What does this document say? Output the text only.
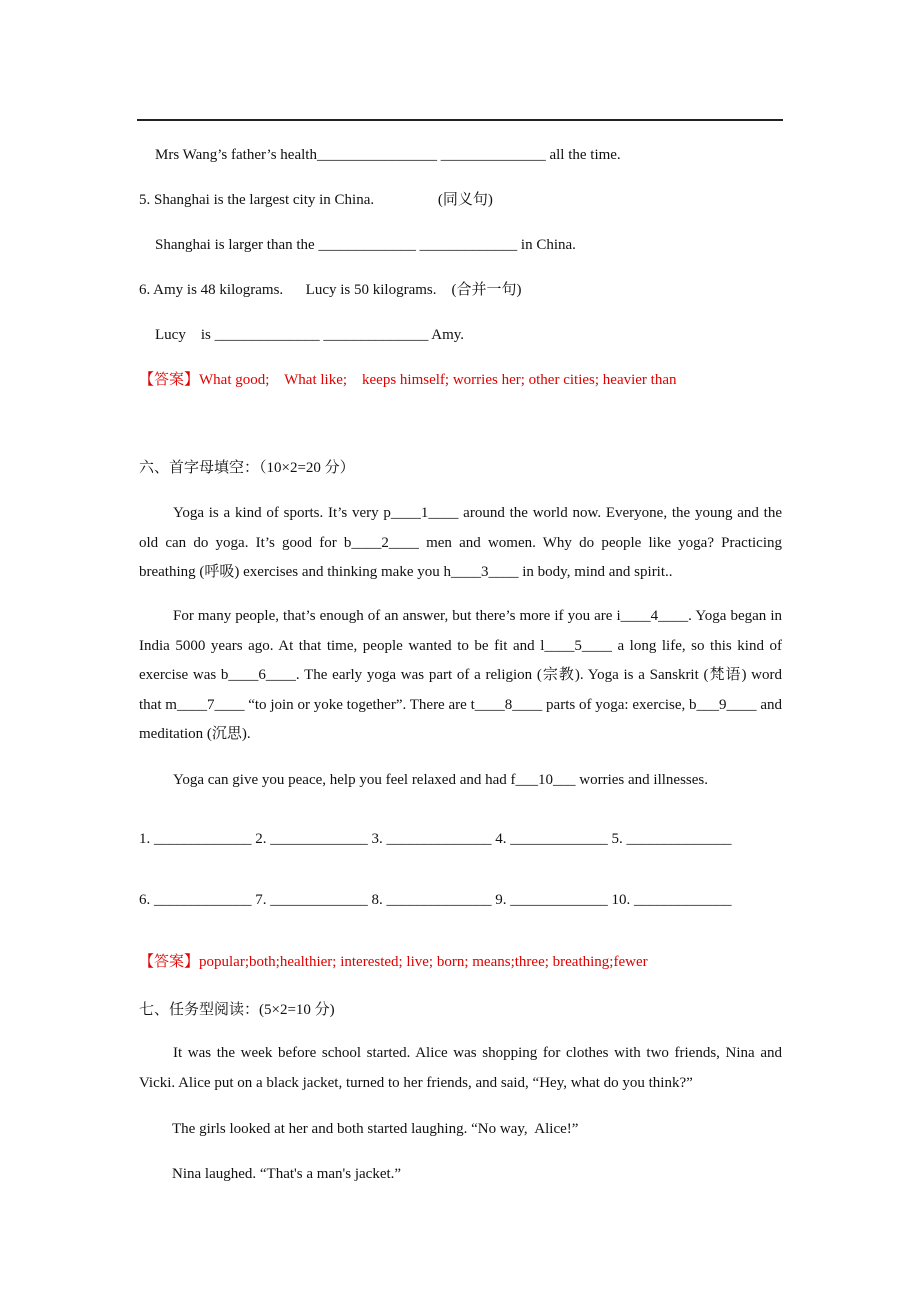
Mrs Wang’s father’s health________________ ______________ all the time.
5. Shanghai is the largest city in China.                 (同义句)
Shanghai is larger than the _____________ _____________ in China.
6. Amy is 48 kilograms.      Lucy is 50 kilograms.    (合并一句)
Lucy    is ______________ ______________ Amy.
【答案】What good;    What like;    keeps himself; worries her; other cities; heavier than
六、首字母填空：（10×2=20 分）
Yoga is a kind of sports. It’s very p____1____ around the world now. Everyone, the young and the old can do yoga. It’s good for b____2____ men and women. Why do people like yoga? Practicing breathing (呼吸) exercises and thinking make you h____3____ in body, mind and spirit..
For many people, that’s enough of an answer, but there’s more if you are i____4____. Yoga began in India 5000 years ago. At that time, people wanted to be fit and l____5____ a long life, so this kind of exercise was b____6____. The early yoga was part of a religion (宗教). Yoga is a Sanskrit (梵语) word that m____7____ “to join or yoke together”. There are t____8____ parts of yoga: exercise, b___9____ and meditation (沉思).
Yoga can give you peace, help you feel relaxed and had f___10___ worries and illnesses.
1. _____________ 2. _____________ 3. ______________ 4. _____________ 5. ______________
6. _____________ 7. _____________ 8. ______________ 9. _____________ 10. _____________
【答案】popular;both;healthier; interested; live; born; means;three; breathing;fewer
七、任务型阅读：(5×2=10 分)
It was the week before school started. Alice was shopping for clothes with two friends, Nina and Vicki. Alice put on a black jacket, turned to her friends, and said, “Hey, what do you think?”
The girls looked at her and both started laughing. “No way,  Alice!”
Nina laughed. “That's a man's jacket.”
